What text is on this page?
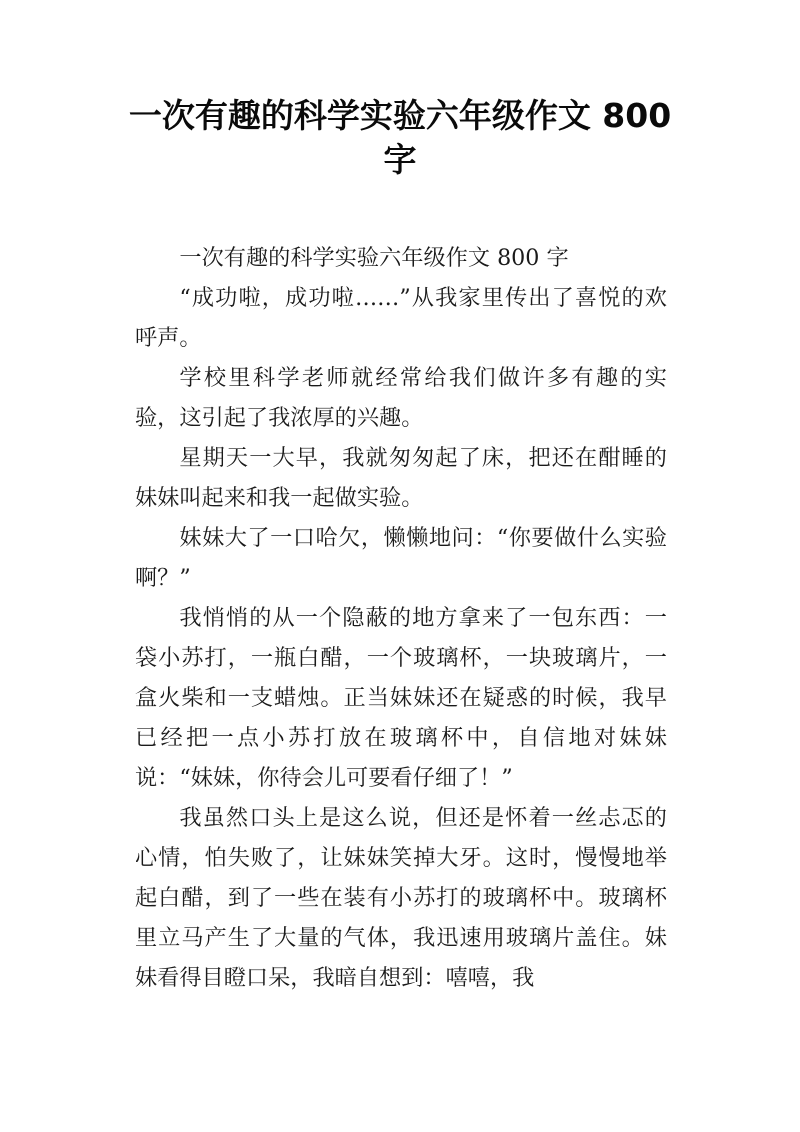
一次有趣的科学实验六年级作文 800
字

一次有趣的科学实验六年级作文 800 字

“成功啦，成功啦……”从我家里传出了喜悦的欢呼声。

学校里科学老师就经常给我们做许多有趣的实验，这引起了我浓厚的兴趣。

星期天一大早，我就匆匆起了床，把还在酣睡的妹妹叫起来和我一起做实验。

妹妹大了一口哈欠，懒懒地问：“你要做什么实验啊？”

我悄悄的从一个隐蔽的地方拿来了一包东西：一袋小苏打，一瓶白醋，一个玻璃杯，一块玻璃片，一盒火柴和一支蜡烛。正当妹妹还在疑惑的时候，我早已经把一点小苏打放在玻璃杯中，自信地对妹妹说：“妹妹，你待会儿可要看仔细了！”

我虽然口头上是这么说，但还是怀着一丝忐忑的心情，怕失败了，让妹妹笑掉大牙。这时，慢慢地举起白醋，到了一些在装有小苏打的玻璃杯中。玻璃杯里立马产生了大量的气体，我迅速用玻璃片盖住。妹妹看得目瞪口呆，我暗自想到：嘻嘻，我
